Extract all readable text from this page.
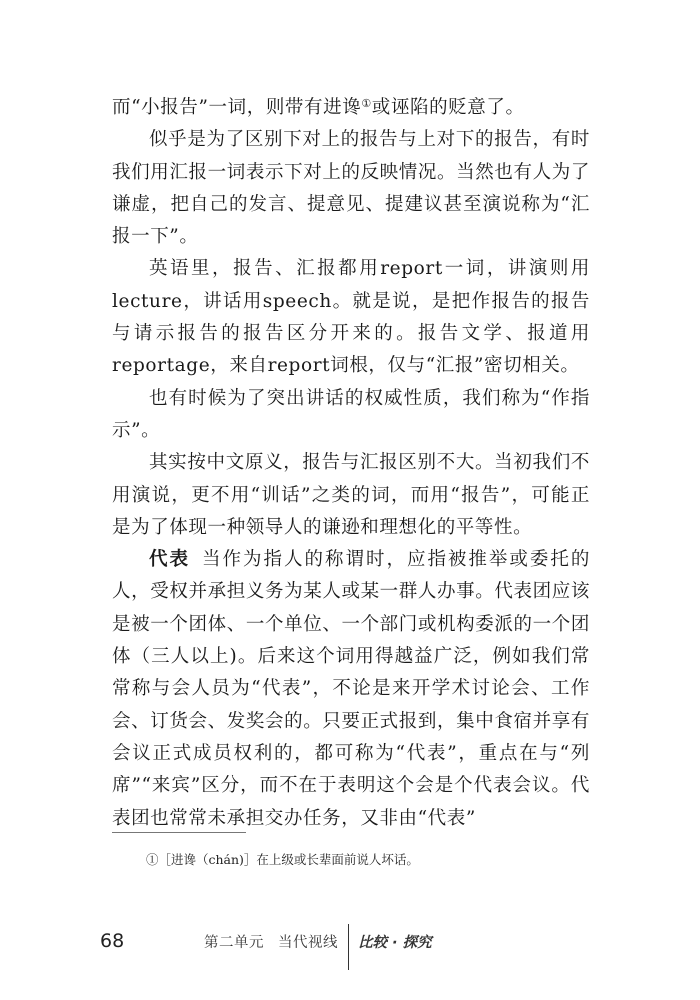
而“小报告”一词，则带有进谗①或诬陷的贬意了。

似乎是为了区别下对上的报告与上对下的报告，有时我们用汇报一词表示下对上的反映情况。当然也有人为了谦虚，把自己的发言、提意见、提建议甚至演说称为“汇报一下”。

英语里，报告、汇报都用report一词，讲演则用lecture，讲话用speech。就是说，是把作报告的报告与请示报告的报告区分开来的。报告文学、报道用reportage，来自report词根，仅与“汇报”密切相关。

也有时候为了突出讲话的权威性质，我们称为“作指示”。

其实按中文原义，报告与汇报区别不大。当初我们不用演说，更不用“训话”之类的词，而用“报告”，可能正是为了体现一种领导人的谦逊和理想化的平等性。

代表 当作为指人的称谓时，应指被推举或委托的人，受权并承担义务为某人或某一群人办事。代表团应该是被一个团体、一个单位、一个部门或机构委派的一个团体（三人以上)。后来这个词用得越益广泛，例如我们常常称与会人员为“代表”，不论是来开学术讨论会、工作会、订货会、发奖会的。只要正式报到，集中食宿并享有会议正式成员权利的，都可称为“代表”，重点在与“列席”“来宾”区分，而不在于表明这个会是个代表会议。代表团也常常未承担交办任务，又非由“代表”

①［进谗（chán)］在上级或长辈面前说人坏话。
68	第二单元 当代视线 比较 · 探究
